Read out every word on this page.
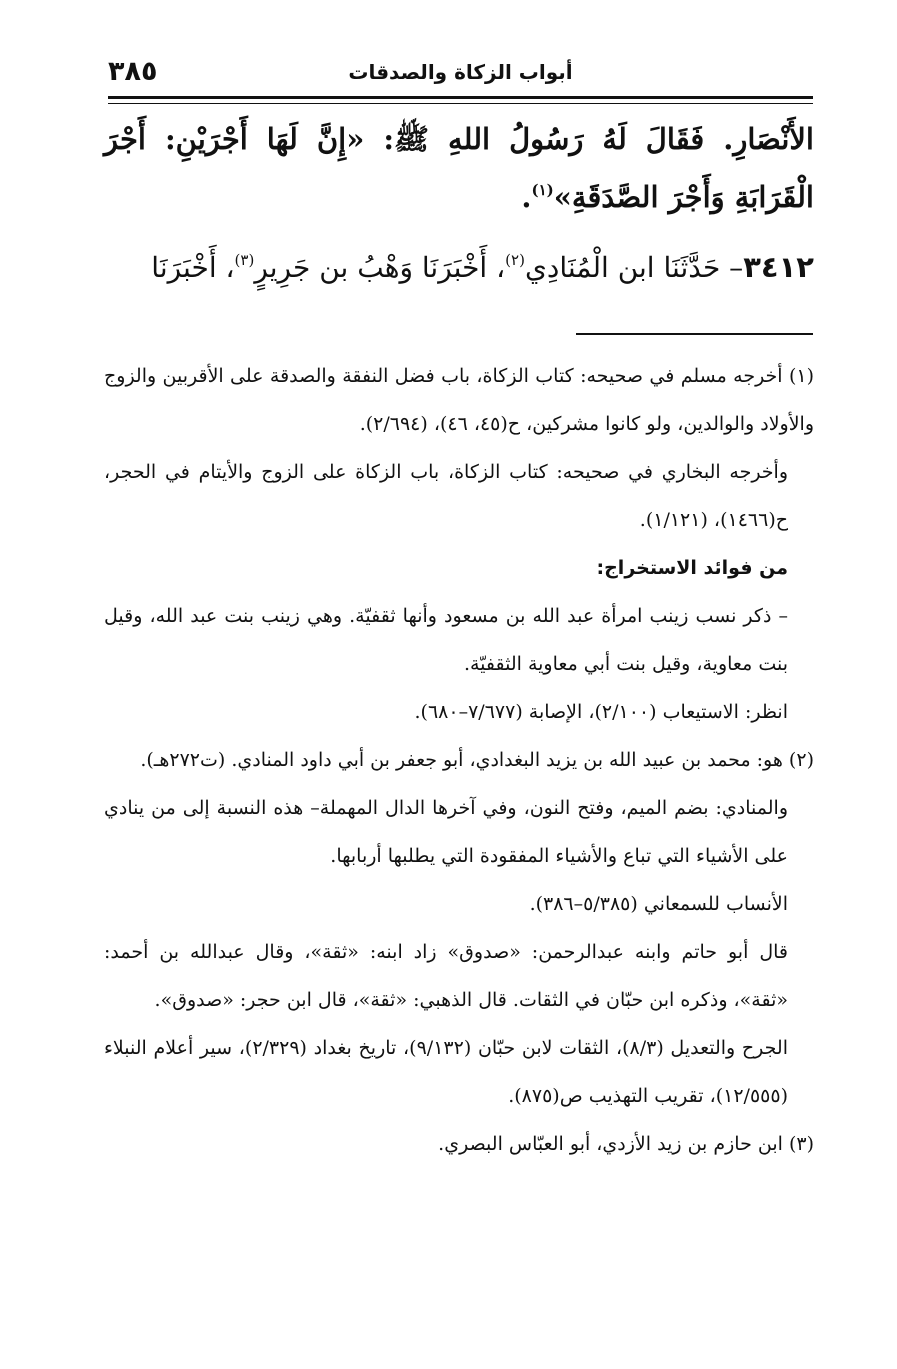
٣٨٥	أبواب الزكاة والصدقات

الأَنْصَارِ. فَقَالَ لَهُ رَسُولُ اللهِ ﷺ: «إِنَّ لَهَا أَجْرَيْنِ: أَجْرَ الْقَرَابَةِ وَأَجْرَ الصَّدَقَةِ»$^{(١)}$.

٣٤١٢– حَدَّثَنَا ابن الْمُنَادِي$^{(٢)}$، أَخْبَرَنَا وَهْبُ بن جَرِيرٍ$^{(٣)}$، أَخْبَرَنَا

(١) أخرجه مسلم في صحيحه: كتاب الزكاة، باب فضل النفقة والصدقة على الأقربين والزوج والأولاد والوالدين، ولو كانوا مشركين، ح(٤٥، ٤٦)، (٢/٦٩٤).

وأخرجه البخاري في صحيحه: كتاب الزكاة، باب الزكاة على الزوج والأيتام في الحجر، ح(١٤٦٦)، (١/١٢١).

من فوائد الاستخراج:

– ذكر نسب زينب امرأة عبد الله بن مسعود وأنها ثقفيّة. وهي زينب بنت عبد الله، وقيل بنت معاوية، وقيل بنت أبي معاوية الثقفيّة.

انظر: الاستيعاب (٢/١٠٠)، الإصابة (٧/٦٧٧–٦٨٠).

(٢) هو: محمد بن عبيد الله بن يزيد البغدادي، أبو جعفر بن أبي داود المنادي. (ت٢٧٢هـ).

والمنادي: بضم الميم، وفتح النون، وفي آخرها الدال المهملة– هذه النسبة إلى من ينادي على الأشياء التي تباع والأشياء المفقودة التي يطلبها أربابها.

الأنساب للسمعاني (٥/٣٨٥–٣٨٦).

قال أبو حاتم وابنه عبدالرحمن: «صدوق» زاد ابنه: «ثقة»، وقال عبدالله بن أحمد: «ثقة»، وذكره ابن حبّان في الثقات. قال الذهبي: «ثقة»، قال ابن حجر: «صدوق».

الجرح والتعديل (٨/٣)، الثقات لابن حبّان (٩/١٣٢)، تاريخ بغداد (٢/٣٢٩)، سير أعلام النبلاء (١٢/٥٥٥)، تقريب التهذيب ص(٨٧٥).

(٣) ابن حازم بن زيد الأزدي، أبو العبّاس البصري.
